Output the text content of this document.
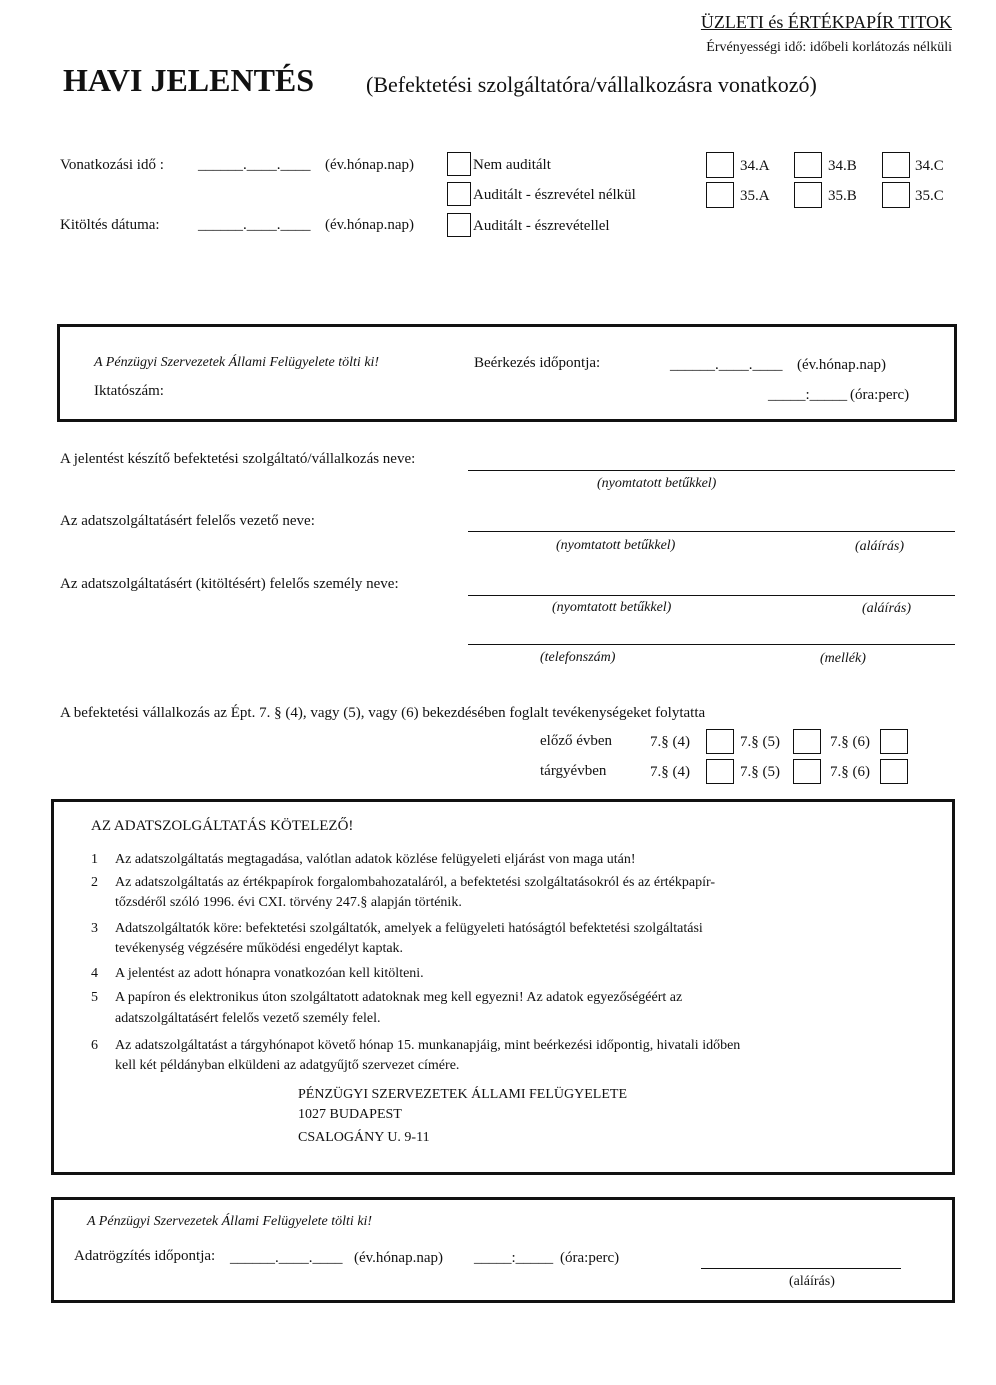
ÜZLETI és ÉRTÉKPAPÍR TITOK
Érvényességi idő: időbeli korlátozás nélküli
HAVI JELENTÉS (Befektetési szolgáltatóra/vállalkozásra vonatkozó)
Vonatkozási idő : ______.____.____ (év.hónap.nap)
Kitöltés dátuma:	______.____.____ (év.hónap.nap)
Nem auditált
Auditált - észrevétel nélkül
Auditált - észrevétellel
34.A	34.B	34.C
35.A	35.B	35.C
A Pénzügyi Szervezetek Állami Felügyelete tölti ki!	Beérkezés időpontja:	______.____.____ (év.hónap.nap)
Iktatószám:	_____:_____ (óra:perc)
A jelentést készítő befektetési szolgáltató/vállalkozás neve:
(nyomtatott betűkkel)
Az adatszolgáltatásért felelős vezető neve:
(nyomtatott betűkkel)	(aláírás)
Az adatszolgáltatásért (kitöltésért) felelős személy neve:
(nyomtatott betűkkel)	(aláírás)
(telefonszám)	(mellék)
A befektetési vállalkozás az Épt. 7. § (4), vagy (5), vagy (6) bekezdésében foglalt tevékenységeket folytatta
előző évben	7.§ (4)	7.§ (5)	7.§ (6)
tárgyévben	7.§ (4)	7.§ (5)	7.§ (6)
AZ ADATSZOLGÁLTATÁS KÖTELEZŐ!
1 Az adatszolgáltatás megtagadása, valótlan adatok közlése felügyeleti eljárást von maga után!
2 Az adatszolgáltatás az értékpapírok forgalombahozataláról, a befektetési szolgáltatásokról és az értékpapír-
tőzsdéről szóló 1996. évi CXI. törvény 247.§ alapján történik.
3 Adatszolgáltatók köre: befektetési szolgáltatók, amelyek a felügyeleti hatóságtól befektetési szolgáltatási
tevékenység végzésére működési engedélyt kaptak.
4 A jelentést az adott hónapra vonatkozóan kell kitölteni.
5 A papíron és elektronikus úton szolgáltatott adatoknak meg kell egyezni! Az adatok egyezőségéért az
adatszolgáltatásért felelős vezető személy felel.
6 Az adatszolgáltatást a tárgyhónapot követő hónap 15. munkanapjáig, mint beérkezési időpontig, hivatali időben
kell két példányban elküldeni az adatgyűjtő szervezet címére.
PÉNZÜGYI SZERVEZETEK ÁLLAMI FELÜGYELETE
1027 BUDAPEST
CSALOGÁNY U. 9-11
A Pénzügyi Szervezetek Állami Felügyelete tölti ki!
Adatrögzítés időpontja: ______.____.____ (év.hónap.nap) _____:_____ (óra:perc)
(aláírás)
